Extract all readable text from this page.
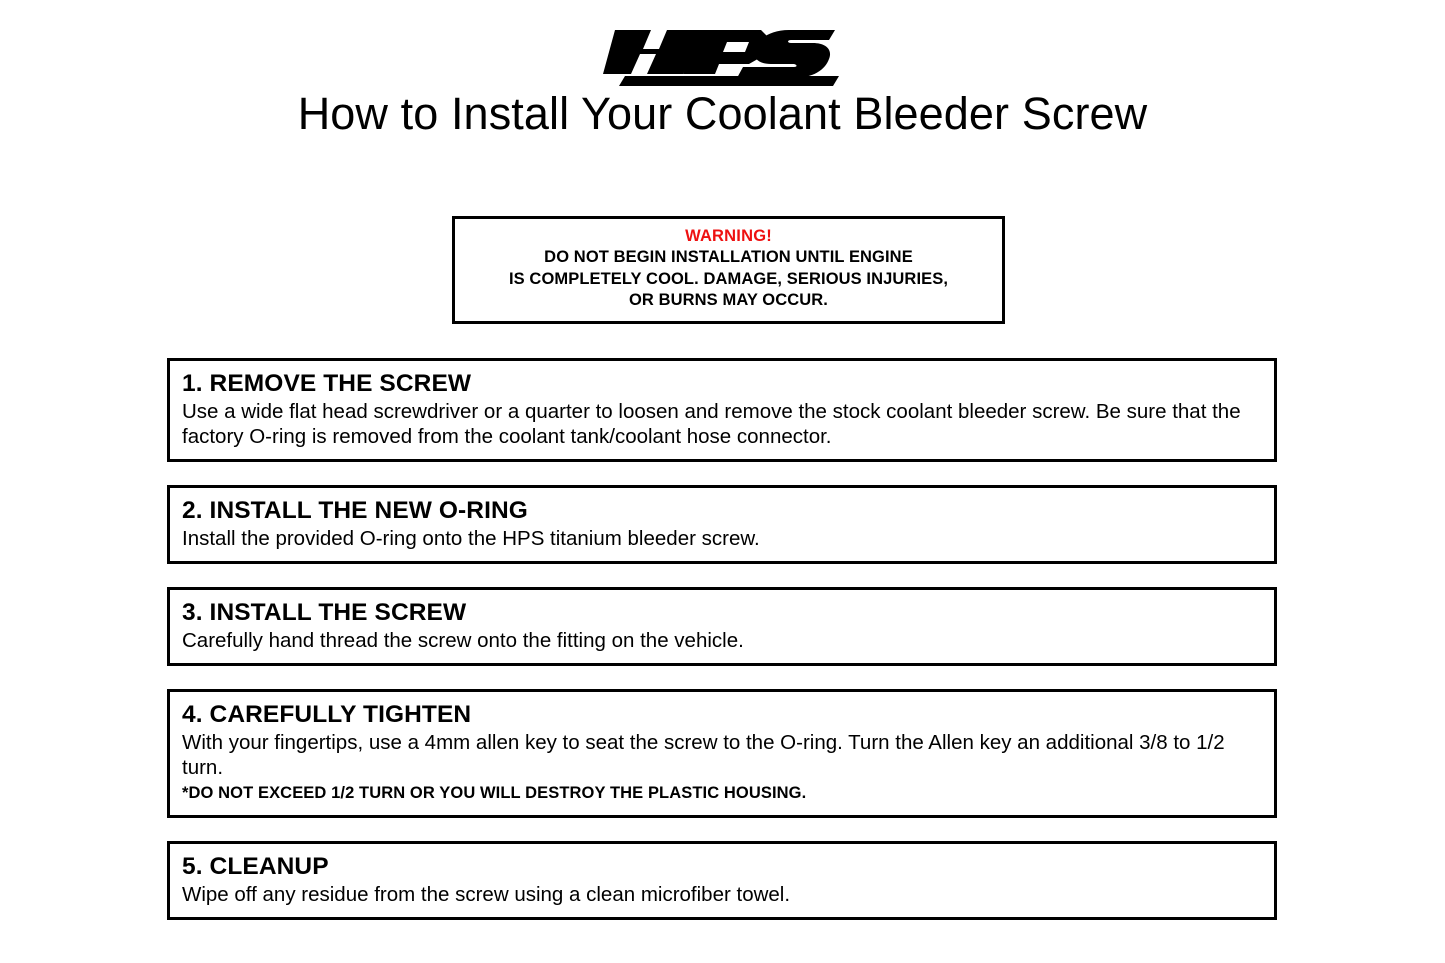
How to Install Your Coolant Bleeder Screw
WARNING!
DO NOT BEGIN INSTALLATION UNTIL ENGINE
IS COMPLETELY COOL. DAMAGE, SERIOUS INJURIES,
OR BURNS MAY OCCUR.

1. REMOVE THE SCREW

Use a wide flat head screwdriver or a quarter to loosen and remove the stock coolant bleeder screw. Be sure that the factory O-ring is removed from the coolant tank/coolant hose connector.

2. INSTALL THE NEW O-RING

Install the provided O-ring onto the HPS titanium bleeder screw.

3. INSTALL THE SCREW

Carefully hand thread the screw onto the fitting on the vehicle.

4. CAREFULLY TIGHTEN

With your fingertips, use a 4mm allen key to seat the screw to the O-ring. Turn the Allen key an additional 3/8 to 1/2 turn.

*DO NOT EXCEED 1/2 TURN OR YOU WILL DESTROY THE PLASTIC HOUSING.

5. CLEANUP

Wipe off any residue from the screw using a clean microfiber towel.
